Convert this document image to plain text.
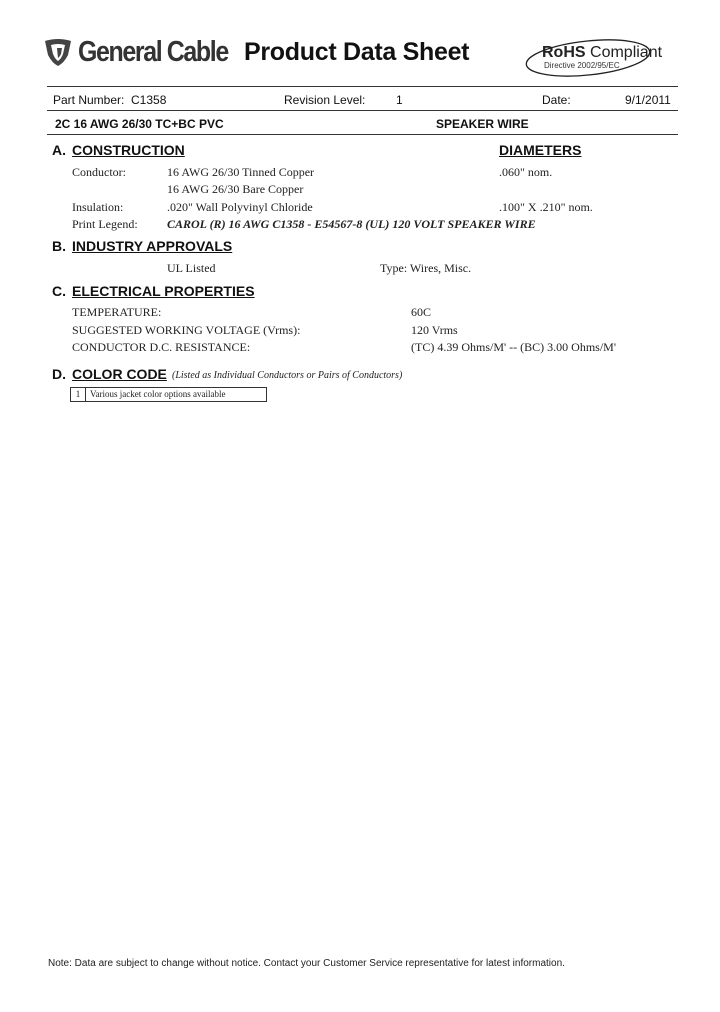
General Cable Product Data Sheet	RoHS Compliant
Directive 2002/95/EC
Part Number: C1358	Revision Level:	1	Date:	9/1/2011
2C 16 AWG 26/30 TC+BC PVC	SPEAKER WIRE
A. CONSTRUCTION	DIAMETERS
Conductor:	16 AWG 26/30 Tinned Copper	.060" nom.
16 AWG 26/30 Bare Copper
Insulation:	.020" Wall Polyvinyl Chloride	.100" X .210" nom.
Print Legend: CAROL (R) 16 AWG C1358 - E54567-8 (UL) 120 VOLT SPEAKER WIRE
B. INDUSTRY APPROVALS
UL Listed	Type: Wires, Misc.
C. ELECTRICAL PROPERTIES
TEMPERATURE:	60C
SUGGESTED WORKING VOLTAGE (Vrms):	120 Vrms
CONDUCTOR D.C. RESISTANCE:	(TC) 4.39 Ohms/M' -- (BC) 3.00 Ohms/M'
D. COLOR CODE (Listed as Individual Conductors or Pairs of Conductors)
1	Various jacket color options available
Note: Data are subject to change without notice. Contact your Customer Service representative for latest information.
